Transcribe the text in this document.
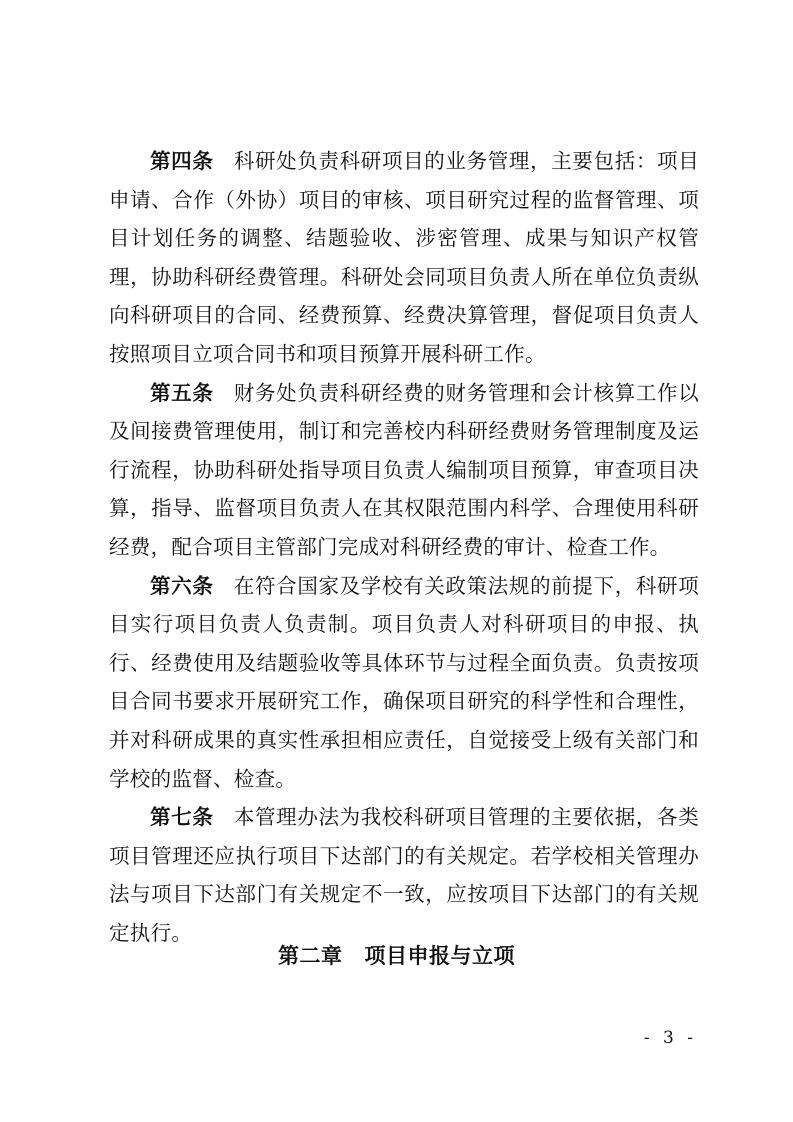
第四条 科研处负责科研项目的业务管理，主要包括：项目申请、合作（外协）项目的审核、项目研究过程的监督管理、项目计划任务的调整、结题验收、涉密管理、成果与知识产权管理，协助科研经费管理。科研处会同项目负责人所在单位负责纵向科研项目的合同、经费预算、经费决算管理，督促项目负责人按照项目立项合同书和项目预算开展科研工作。

第五条 财务处负责科研经费的财务管理和会计核算工作以及间接费管理使用，制订和完善校内科研经费财务管理制度及运行流程，协助科研处指导项目负责人编制项目预算，审查项目决算，指导、监督项目负责人在其权限范围内科学、合理使用科研经费，配合项目主管部门完成对科研经费的审计、检查工作。

第六条 在符合国家及学校有关政策法规的前提下，科研项目实行项目负责人负责制。项目负责人对科研项目的申报、执行、经费使用及结题验收等具体环节与过程全面负责。负责按项目合同书要求开展研究工作，确保项目研究的科学性和合理性，并对科研成果的真实性承担相应责任，自觉接受上级有关部门和学校的监督、检查。

第七条 本管理办法为我校科研项目管理的主要依据，各类项目管理还应执行项目下达部门的有关规定。若学校相关管理办法与项目下达部门有关规定不一致，应按项目下达部门的有关规定执行。

第二章 项目申报与立项
- 3 -
